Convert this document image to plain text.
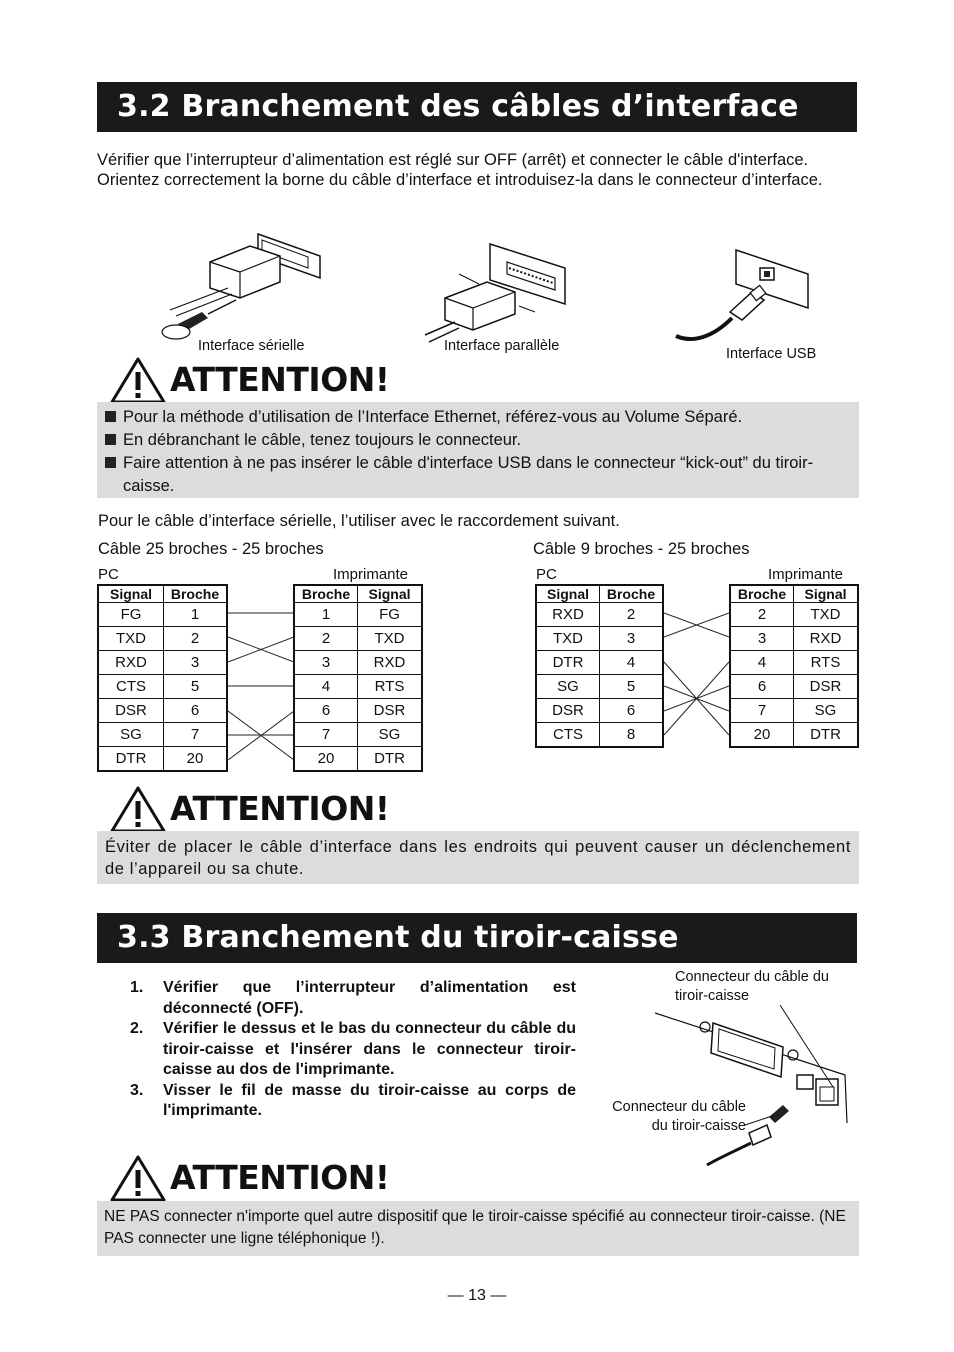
3.2 Branchement des câbles d’interface
Vérifier que l’interrupteur d’alimentation est réglé sur OFF (arrêt) et connecter le câble d'interface.
Orientez correctement la borne du câble d’interface et introduisez-la dans le connecteur d’interface.
Interface sérielle	Interface parallèle	Interface USB
ATTENTION!
Pour la méthode d’utilisation de l’Interface Ethernet, référez-vous au Volume Séparé.
En débranchant le câble, tenez toujours le connecteur.
Faire attention à ne pas insérer le câble d'interface USB dans le connecteur “kick-out” du tiroir-caisse.
Pour le câble d’interface sérielle, l’utiliser avec le raccordement suivant.
Câble 25 broches - 25 broches
PC	Imprimante
Signal	Broche
FG	1
TXD	2
RXD	3
CTS	5
DSR	6
SG	7
DTR	20
Broche	Signal
1	FG
2	TXD
3	RXD
4	RTS
6	DSR
7	SG
20	DTR
Câble 9 broches - 25 broches
PC	Imprimante
Signal	Broche
RXD	2
TXD	3
DTR	4
SG	5
DSR	6
CTS	8
Broche	Signal
2	TXD
3	RXD
4	RTS
6	DSR
7	SG
20	DTR
ATTENTION!
Éviter de placer le câble d’interface dans les endroits qui peuvent causer un déclenchement de l’appareil ou sa chute.
3.3 Branchement du tiroir-caisse
1. Vérifier que l’interrupteur d’alimentation est déconnecté (OFF).
2. Vérifier le dessus et le bas du connecteur du câble du tiroir-caisse et l'insérer dans le connecteur tiroir-caisse au dos de l'imprimante.
3. Visser le fil de masse du tiroir-caisse au corps de l'imprimante.
Connecteur du câble du
tiroir-caisse
Connecteur du câble
du tiroir-caisse
ATTENTION!
NE PAS connecter n'importe quel autre dispositif que le tiroir-caisse spécifié au connecteur tiroir-caisse. (NE PAS connecter une ligne téléphonique !).
— 13 —
